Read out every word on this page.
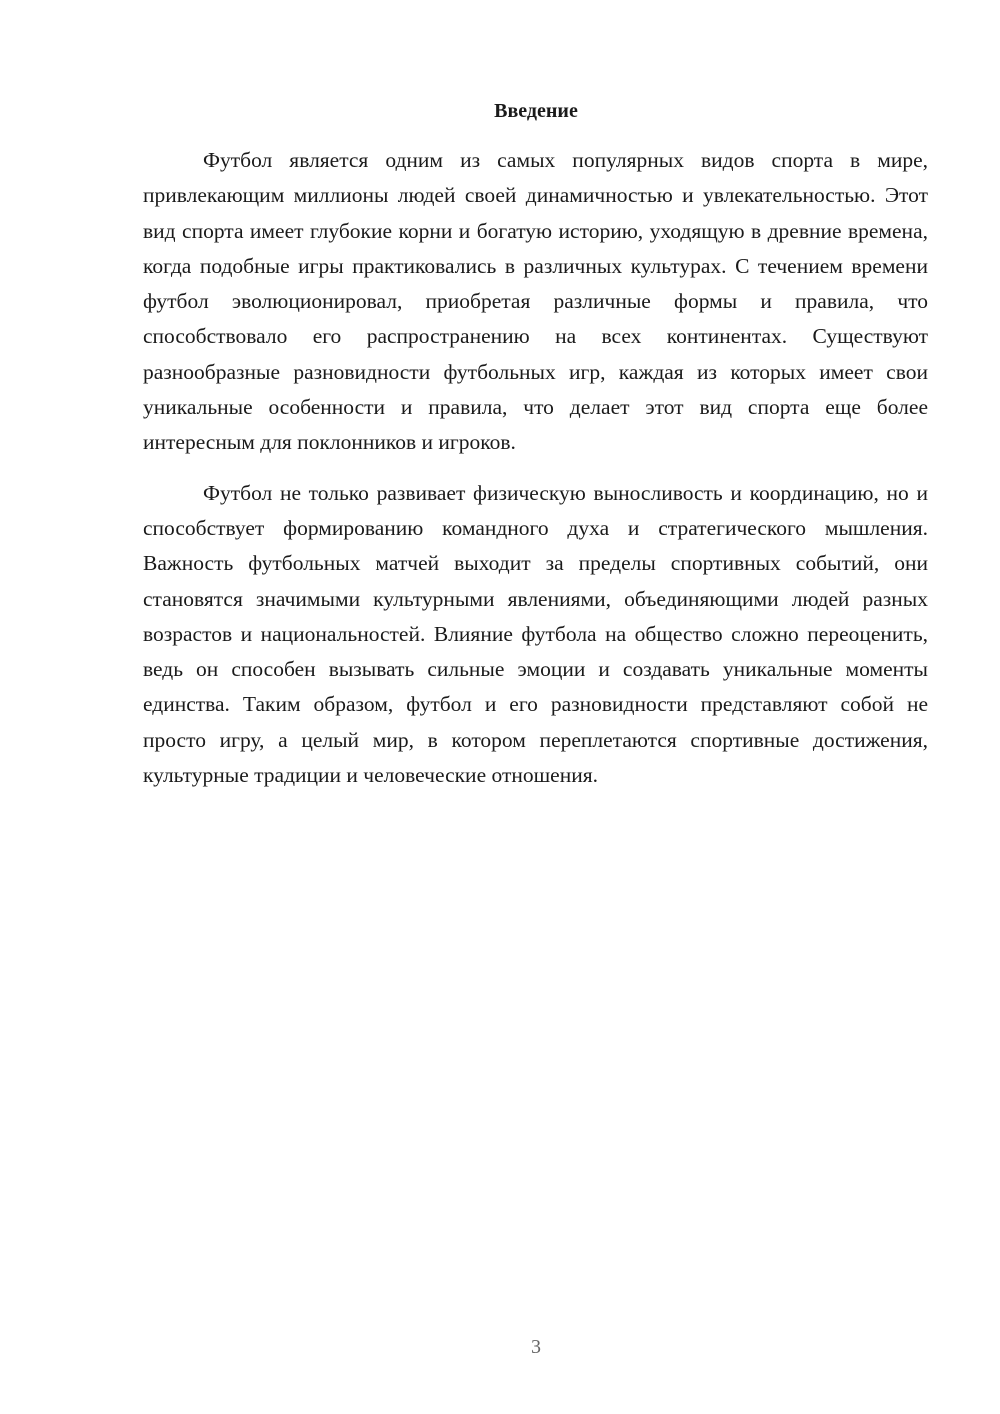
Введение

Футбол является одним из самых популярных видов спорта в мире, привлекающим миллионы людей своей динамичностью и увлекательностью. Этот вид спорта имеет глубокие корни и богатую историю, уходящую в древние времена, когда подобные игры практиковались в различных культурах. С течением времени футбол эволюционировал, приобретая различные формы и правила, что способствовало его распространению на всех континентах. Существуют разнообразные разновидности футбольных игр, каждая из которых имеет свои уникальные особенности и правила, что делает этот вид спорта еще более интересным для поклонников и игроков.

Футбол не только развивает физическую выносливость и координацию, но и способствует формированию командного духа и стратегического мышления. Важность футбольных матчей выходит за пределы спортивных событий, они становятся значимыми культурными явлениями, объединяющими людей разных возрастов и национальностей. Влияние футбола на общество сложно переоценить, ведь он способен вызывать сильные эмоции и создавать уникальные моменты единства. Таким образом, футбол и его разновидности представляют собой не просто игру, а целый мир, в котором переплетаются спортивные достижения, культурные традиции и человеческие отношения.

3
